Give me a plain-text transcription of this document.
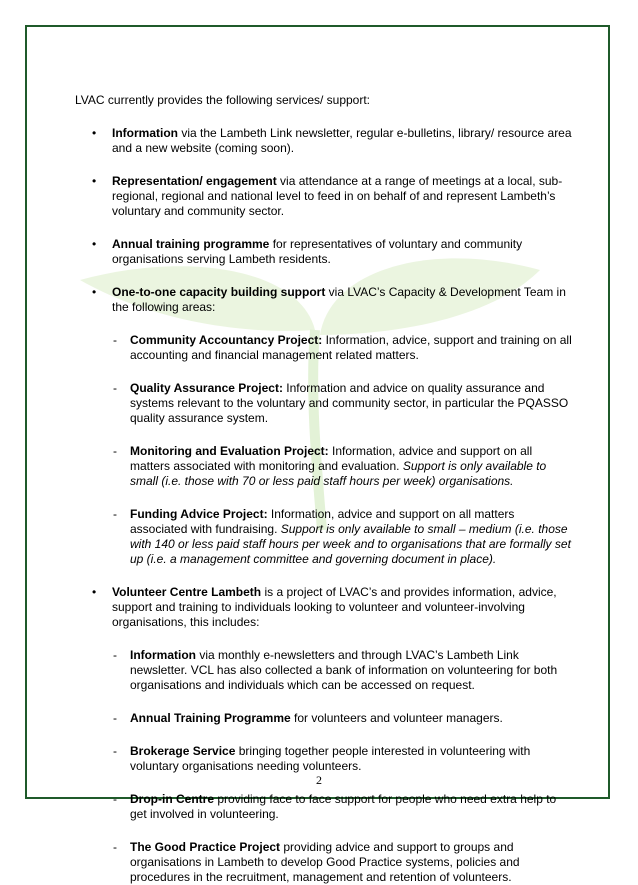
LVAC currently provides the following services/ support:

• Information via the Lambeth Link newsletter, regular e-bulletins, library/ resource area and a new website (coming soon).
• Representation/ engagement via attendance at a range of meetings at a local, sub-regional, regional and national level to feed in on behalf of and represent Lambeth’s voluntary and community sector.
• Annual training programme for representatives of voluntary and community organisations serving Lambeth residents.
• One-to-one capacity building support via LVAC’s Capacity & Development Team in the following areas:
- Community Accountancy Project: Information, advice, support and training on all accounting and financial management related matters.
- Quality Assurance Project: Information and advice on quality assurance and systems relevant to the voluntary and community sector, in particular the PQASSO quality assurance system.
- Monitoring and Evaluation Project: Information, advice and support on all matters associated with monitoring and evaluation. Support is only available to small (i.e. those with 70 or less paid staff hours per week) organisations.
- Funding Advice Project: Information, advice and support on all matters associated with fundraising. Support is only available to small – medium (i.e. those with 140 or less paid staff hours per week and to organisations that are formally set up (i.e. a management committee and governing document in place).
• Volunteer Centre Lambeth is a project of LVAC’s and provides information, advice, support and training to individuals looking to volunteer and volunteer-involving organisations, this includes:
- Information via monthly e-newsletters and through LVAC’s Lambeth Link newsletter. VCL has also collected a bank of information on volunteering for both organisations and individuals which can be accessed on request.
- Annual Training Programme for volunteers and volunteer managers.
- Brokerage Service bringing together people interested in volunteering with voluntary organisations needing volunteers.
- Drop-in Centre providing face to face support for people who need extra help to get involved in volunteering.
- The Good Practice Project providing advice and support to groups and organisations in Lambeth to develop Good Practice systems, policies and procedures in the recruitment, management and retention of volunteers.
2
